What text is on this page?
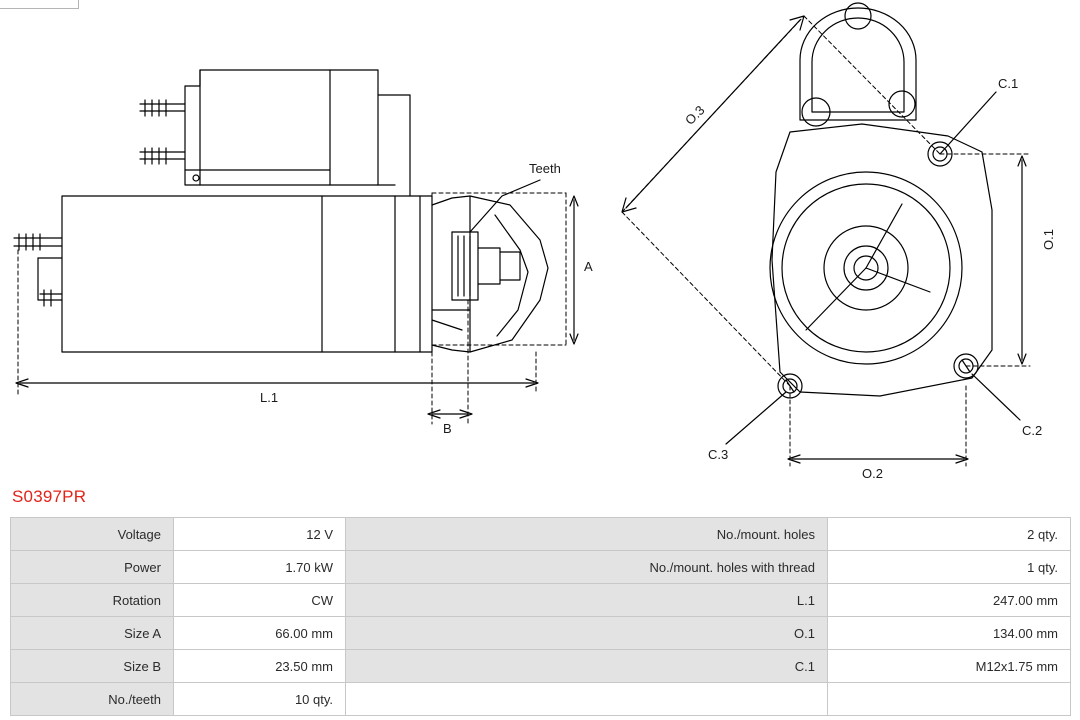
Teeth
A
L.1
B
O.1
O.2
O.3
C.1
C.2
C.3
S0397PR
Voltage	12 V	No./mount. holes	2 qty.
Power	1.70 kW	No./mount. holes with thread	1 qty.
Rotation	CW	L.1	247.00 mm
Size A	66.00 mm	O.1	134.00 mm
Size B	23.50 mm	C.1	M12x1.75 mm
No./teeth	10 qty.		
